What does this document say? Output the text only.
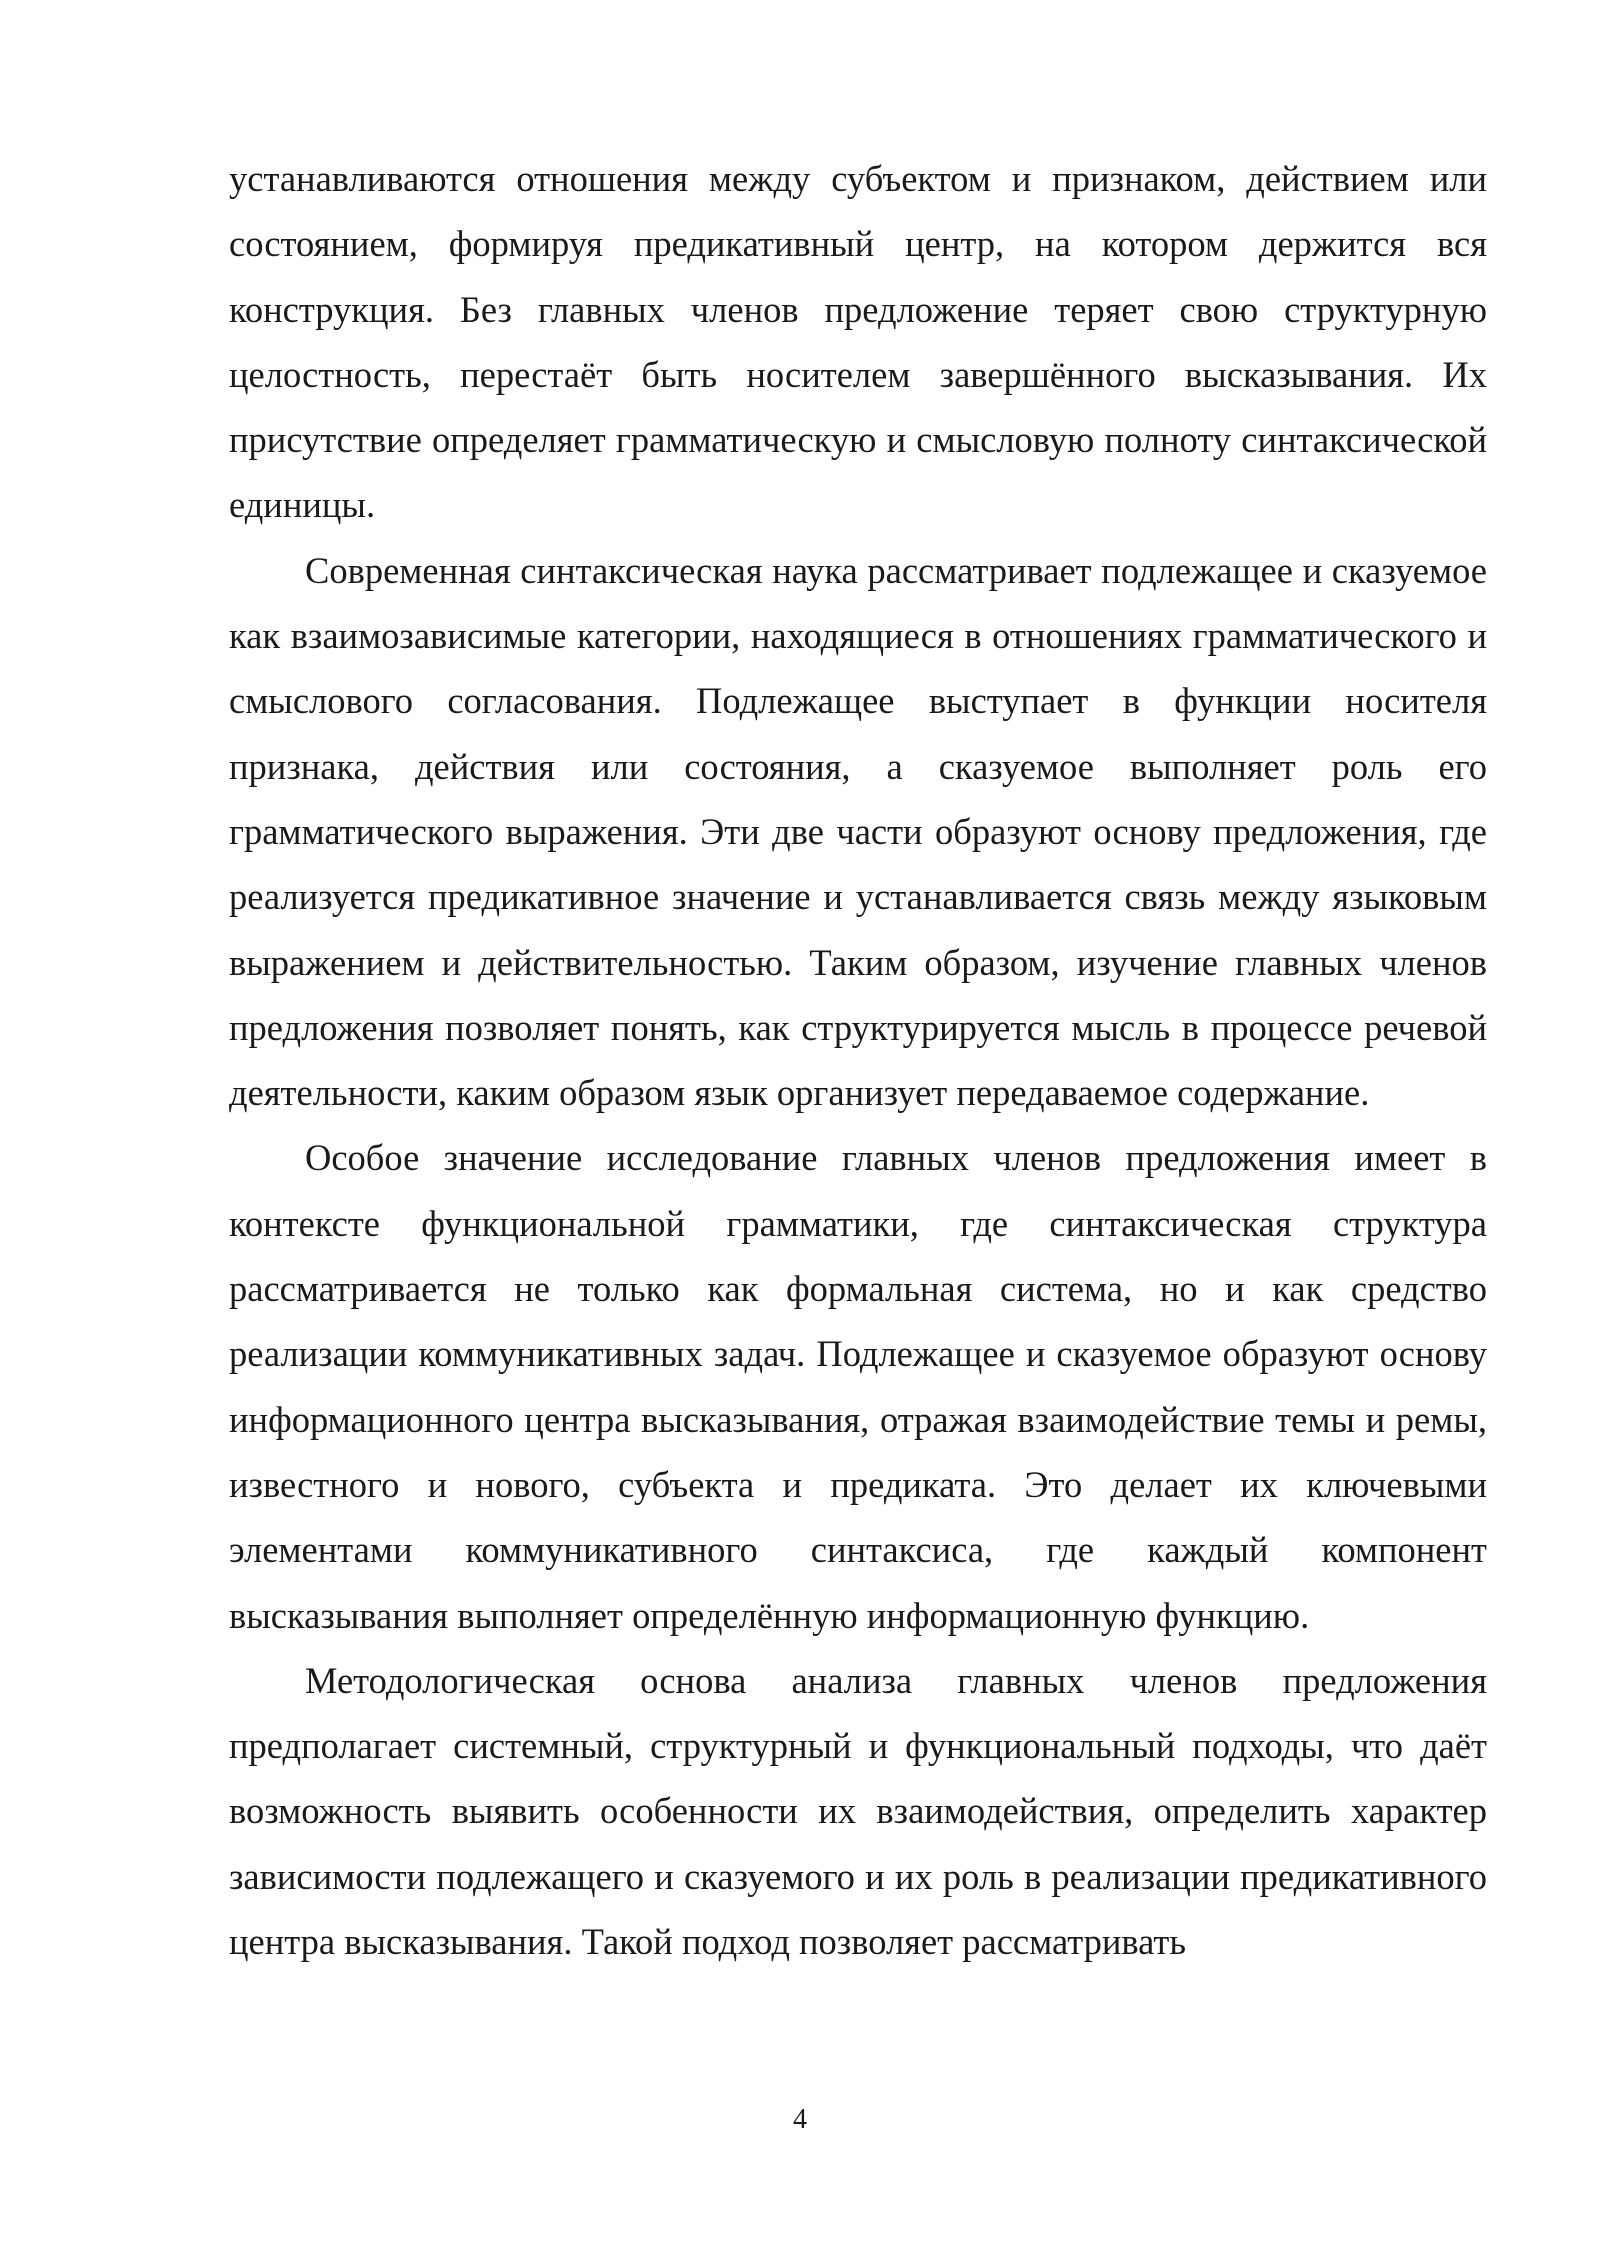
устанавливаются отношения между субъектом и признаком, действием или состоянием, формируя предикативный центр, на котором держится вся конструкция. Без главных членов предложение теряет свою структурную целостность, перестаёт быть носителем завершённого высказывания. Их присутствие определяет грамматическую и смысловую полноту синтаксической единицы.

Современная синтаксическая наука рассматривает подлежащее и сказуемое как взаимозависимые категории, находящиеся в отношениях грамматического и смыслового согласования. Подлежащее выступает в функции носителя признака, действия или состояния, а сказуемое выполняет роль его грамматического выражения. Эти две части образуют основу предложения, где реализуется предикативное значение и устанавливается связь между языковым выражением и действительностью. Таким образом, изучение главных членов предложения позволяет понять, как структурируется мысль в процессе речевой деятельности, каким образом язык организует передаваемое содержание.

Особое значение исследование главных членов предложения имеет в контексте функциональной грамматики, где синтаксическая структура рассматривается не только как формальная система, но и как средство реализации коммуникативных задач. Подлежащее и сказуемое образуют основу информационного центра высказывания, отражая взаимодействие темы и ремы, известного и нового, субъекта и предиката. Это делает их ключевыми элементами коммуникативного синтаксиса, где каждый компонент высказывания выполняет определённую информационную функцию.

Методологическая основа анализа главных членов предложения предполагает системный, структурный и функциональный подходы, что даёт возможность выявить особенности их взаимодействия, определить характер зависимости подлежащего и сказуемого и их роль в реализации предикативного центра высказывания. Такой подход позволяет рассматривать

4
